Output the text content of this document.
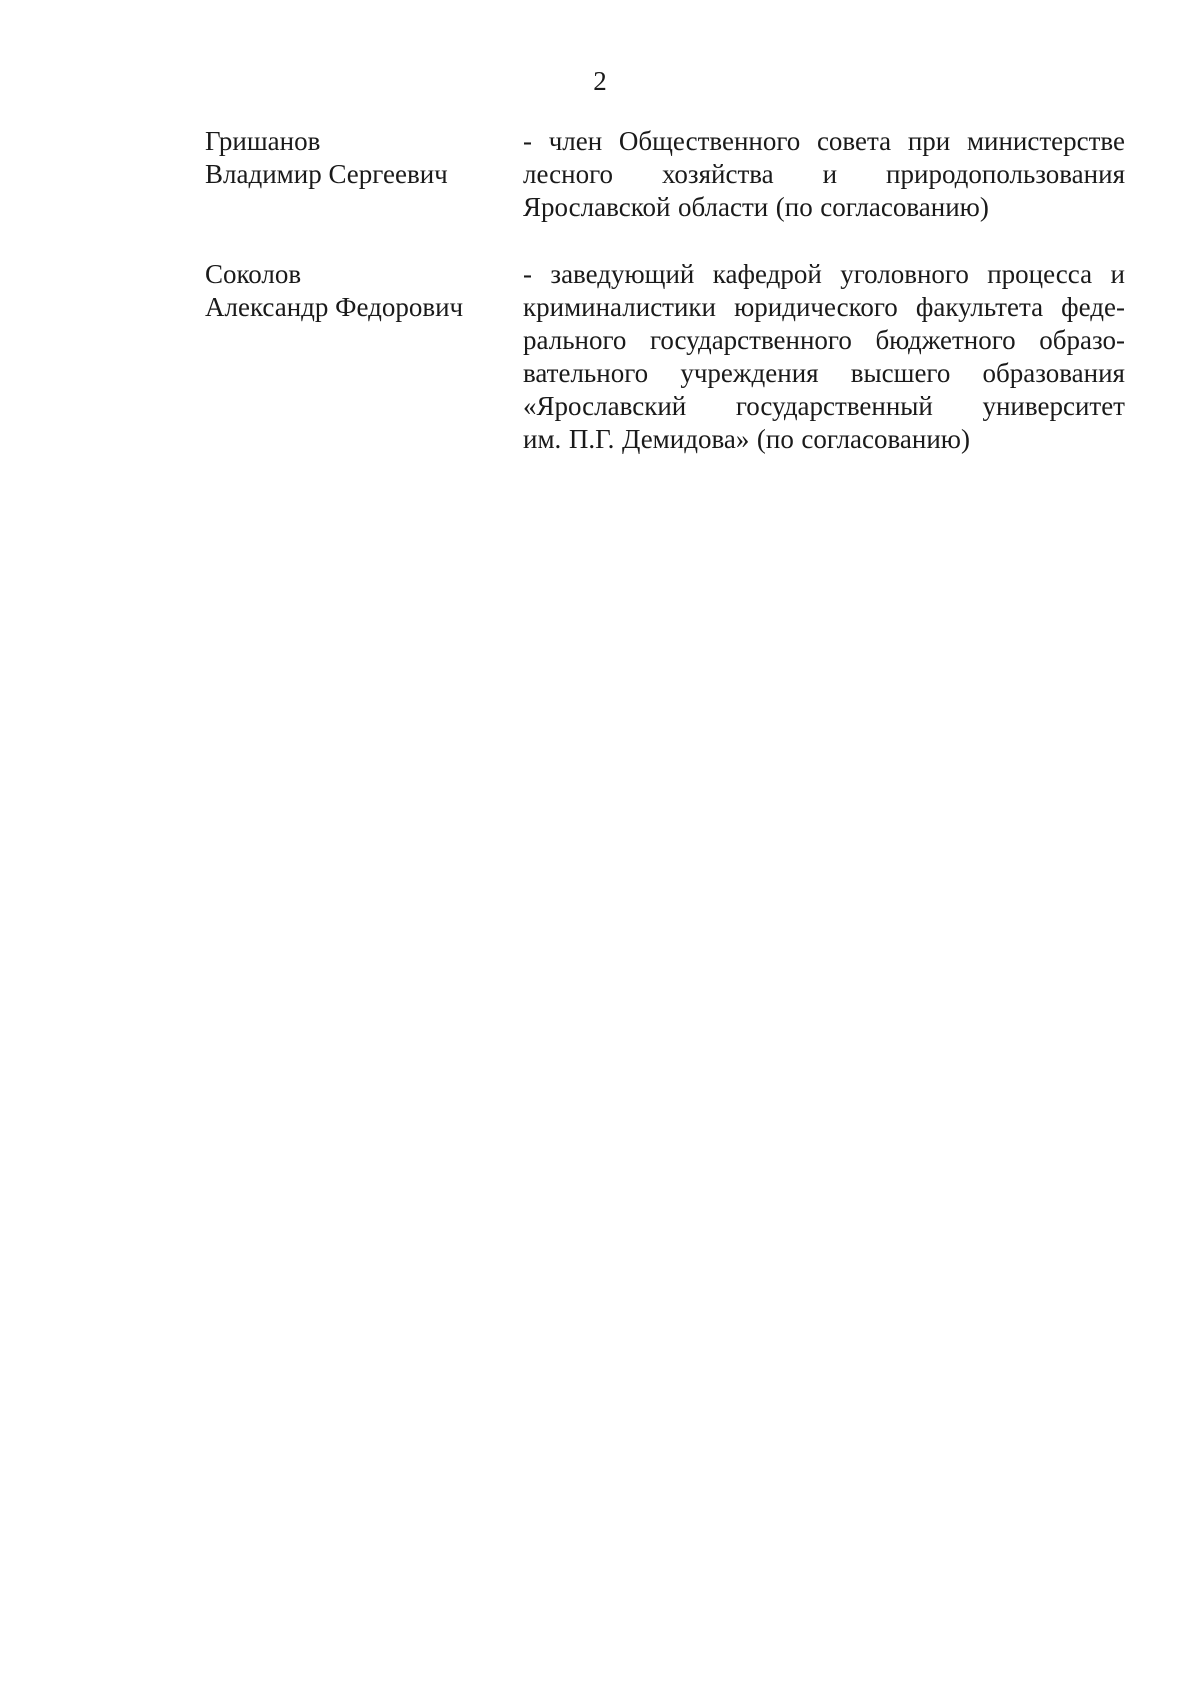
2
Гришанов
Владимир Сергеевич
- член Общественного совета при министерстве
лесного хозяйства и природопользования
Ярославской области (по согласованию)
Соколов
Александр Федорович
- заведующий кафедрой уголовного процесса и
криминалистики юридического факультета феде-
рального государственного бюджетного образо-
вательного учреждения высшего образования
«Ярославский государственный университет
им. П.Г. Демидова» (по согласованию)
